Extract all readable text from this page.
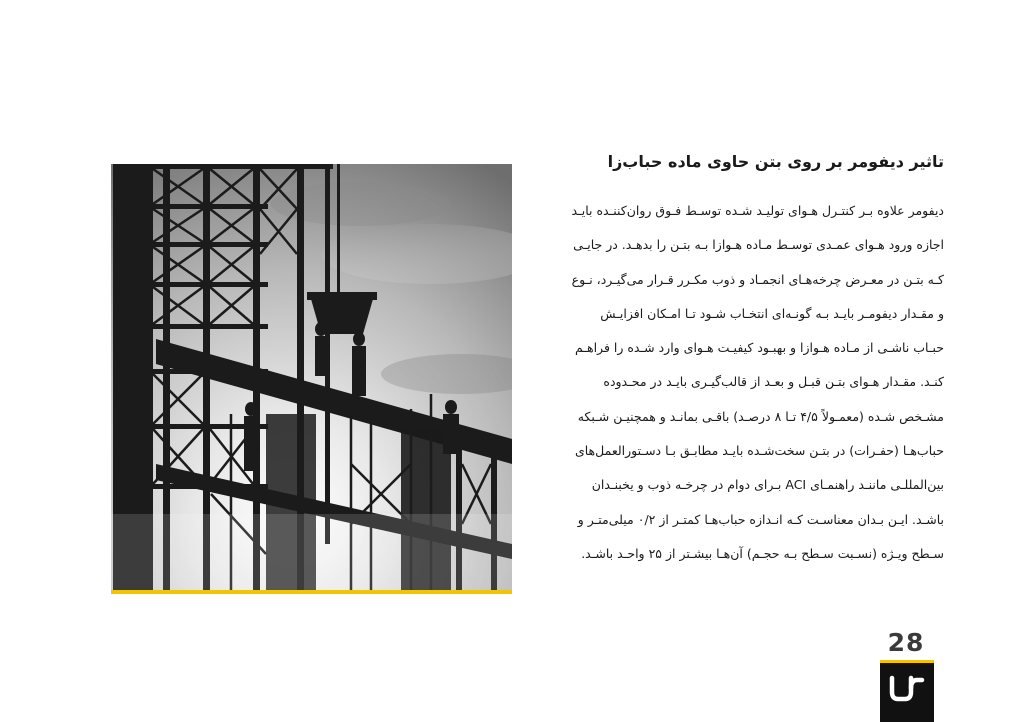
تاثیر دیفومر بر روی بتن حاوی ماده حباب‌زا
دیفومر علاوه بـر کنتـرل هـوای تولیـد شـده توسـط فـوق روان‌کننـده بایـد
اجازه ورود هـوای عمـدی توسـط مـاده هـوازا بـه بتـن را بدهـد. در جایـی
کـه بتـن در معـرض چرخه‌هـای انجمـاد و ذوب مکـرر قـرار می‌گیـرد، نـوع
و مقـدار دیفومـر بایـد بـه گونـه‌ای انتخـاب شـود تـا امـکان افزایـش
حبـاب ناشـی از مـاده هـوازا و بهبـود کیفیـت هـوای وارد شـده را فراهـم
کنـد. مقـدار هـوای بتـن قبـل و بعـد از قالب‌گیـری بایـد در محـدوده
مشـخص شـده (معمـولاً ۴/۵ تـا ۸ درصـد) باقـی بمانـد و همچنیـن شـبکه
حباب‌هـا (حفـرات) در بتـن سخت‌شـده بایـد مطابـق بـا دسـتورالعمل‌های
بین‌المللـی ماننـد راهنمـای ACI بـرای دوام در چرخـه ذوب و یخبنـدان
باشـد. ایـن بـدان معناسـت کـه انـدازه حباب‌هـا کمتـر از ۰/۲ میلی‌متـر و
سـطح ویـژه (نسـبت سـطح بـه حجـم) آن‌هـا بیشـتر از ۲۵ واحـد باشـد.
28
